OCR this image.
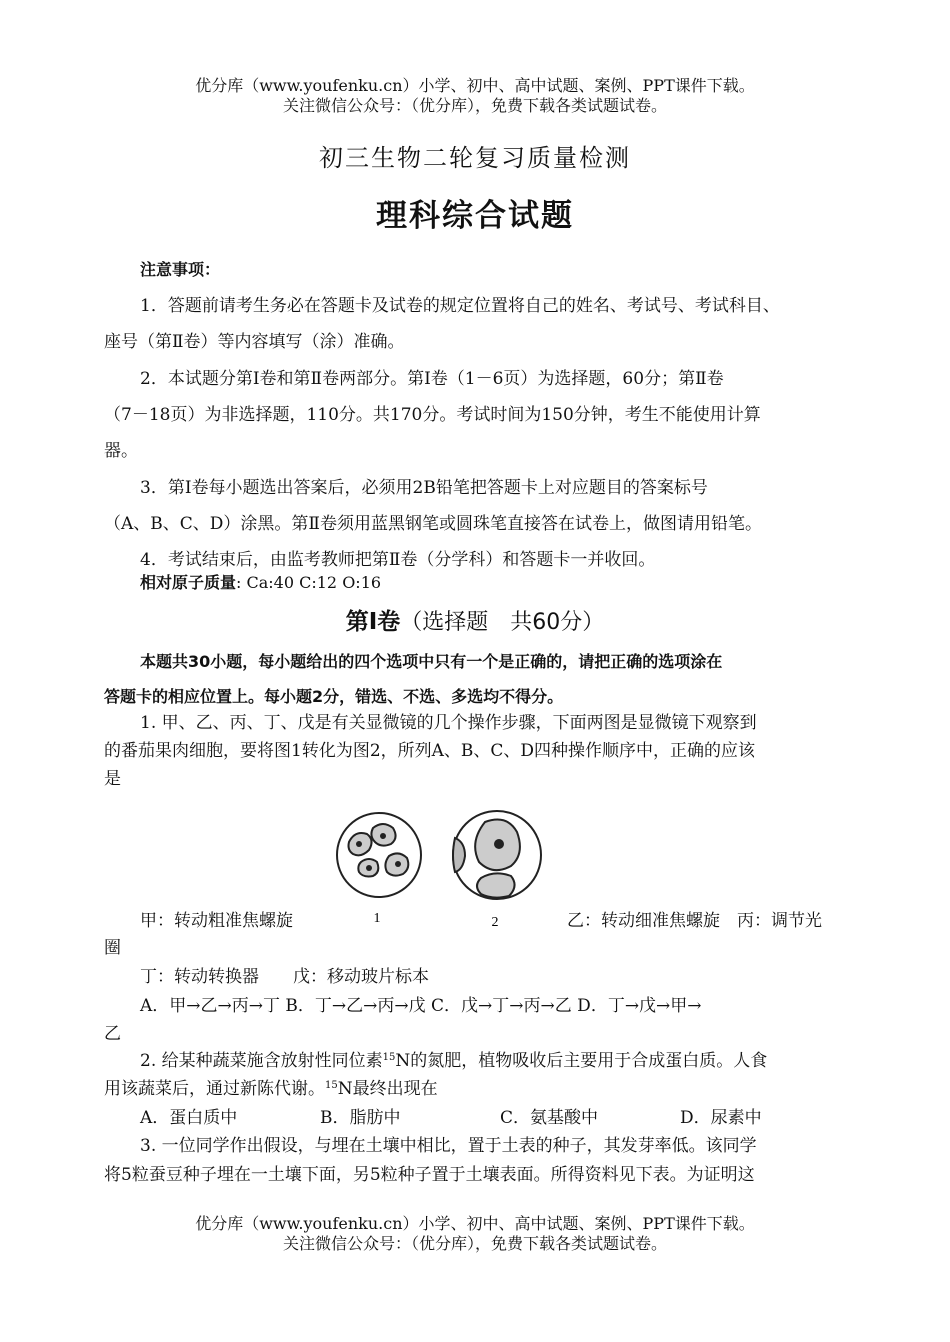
优分库（www.youfenku.cn）小学、初中、高中试题、案例、PPT课件下载。
关注微信公众号：（优分库），免费下载各类试题试卷。
初三生物二轮复习质量检测
理科综合试题
注意事项：
1．答题前请考生务必在答题卡及试卷的规定位置将自己的姓名、考试号、考试科目、
座号（第Ⅱ卷）等内容填写（涂）准确。
2．本试题分第Ⅰ卷和第Ⅱ卷两部分。第Ⅰ卷（1－6页）为选择题，60分；第Ⅱ卷
（7－18页）为非选择题，110分。共170分。考试时间为150分钟，考生不能使用计算
器。
3．第Ⅰ卷每小题选出答案后，必须用2B铅笔把答题卡上对应题目的答案标号
（A、B、C、D）涂黑。第Ⅱ卷须用蓝黑钢笔或圆珠笔直接答在试卷上，做图请用铅笔。
4．考试结束后，由监考教师把第Ⅱ卷（分学科）和答题卡一并收回。
相对原子质量: Ca:40 C:12 O:16
第Ⅰ卷（选择题　共60分）
本题共30小题，每小题给出的四个选项中只有一个是正确的，请把正确的选项涂在
答题卡的相应位置上。每小题2分，错选、不选、多选均不得分。
1. 甲、乙、丙、丁、戊是有关显微镜的几个操作步骤，下面两图是显微镜下观察到
的番茄果肉细胞，要将图1转化为图2，所列A、B、C、D四种操作顺序中，正确的应该
是
1	2
甲：转动粗准焦螺旋	乙：转动细准焦螺旋　丙：调节光
圈
丁：转动转换器　　戊：移动玻片标本
A．甲→乙→丙→丁 B．丁→乙→丙→戊 C．戊→丁→丙→乙 D．丁→戊→甲→
乙
2. 给某种蔬菜施含放射性同位素$^{15}$N的氮肥，植物吸收后主要用于合成蛋白质。人食
用该蔬菜后，通过新陈代谢。$^{15}$N最终出现在
A．蛋白质中	B．脂肪中	C．氨基酸中	D．尿素中
3. 一位同学作出假设，与埋在土壤中相比，置于土表的种子，其发芽率低。该同学
将5粒蚕豆种子埋在一土壤下面，另5粒种子置于土壤表面。所得资料见下表。为证明这
优分库（www.youfenku.cn）小学、初中、高中试题、案例、PPT课件下载。
关注微信公众号：（优分库），免费下载各类试题试卷。
